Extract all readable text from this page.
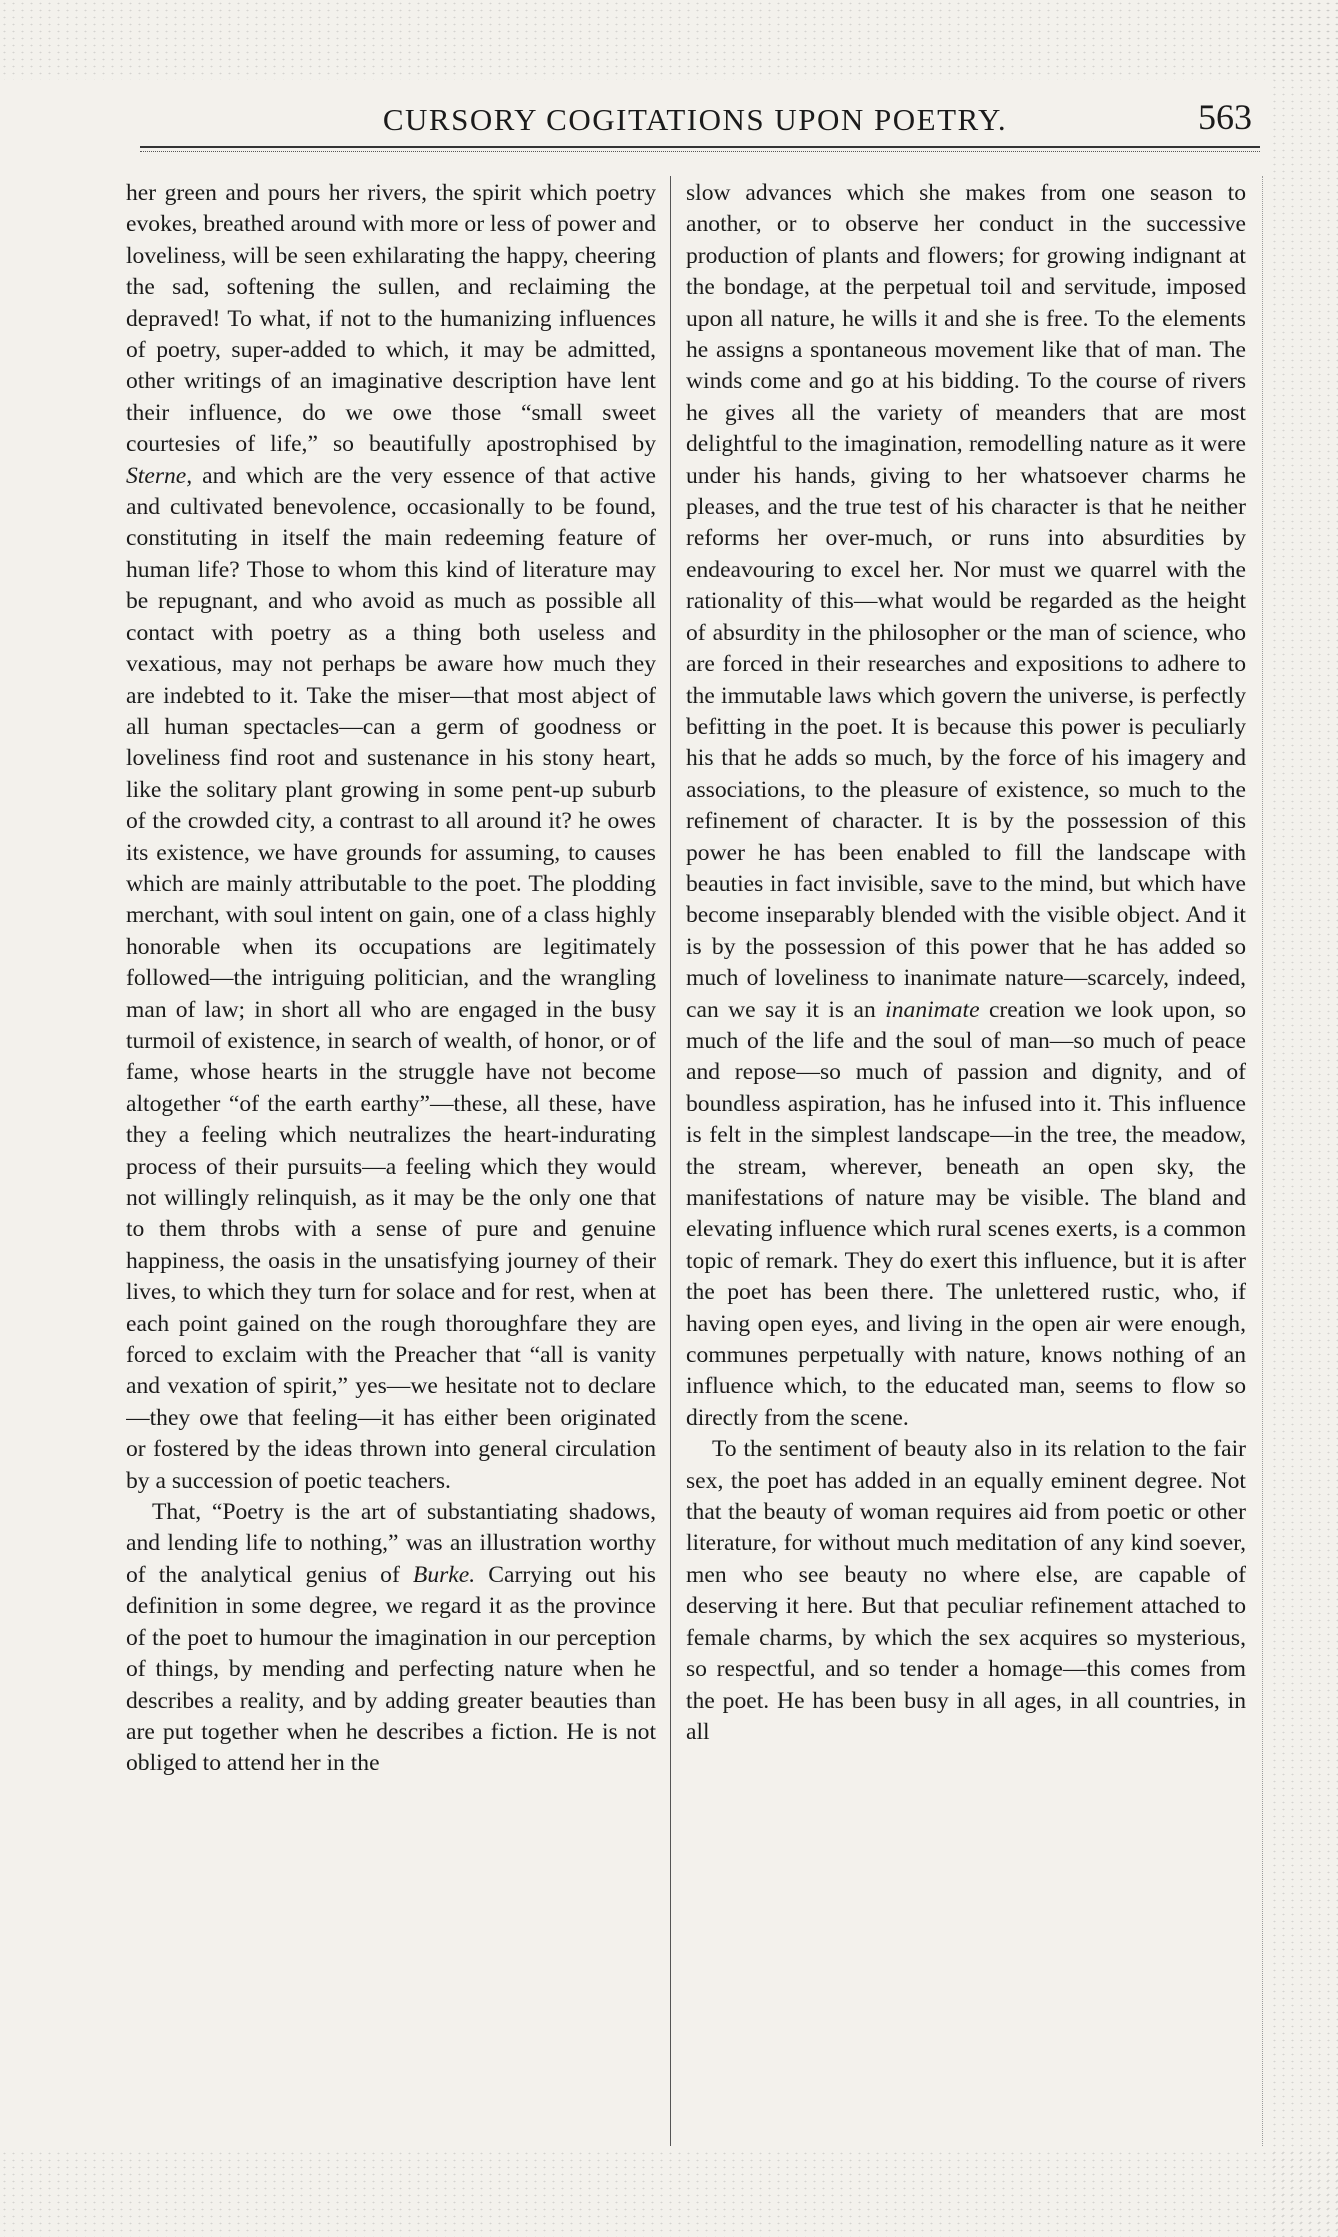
CURSORY COGITATIONS UPON POETRY.	563

her green and pours her rivers, the spirit which poetry evokes, breathed around with more or less of power and loveliness, will be seen exhilarating the happy, cheering the sad, softening the sullen, and reclaiming the depraved! To what, if not to the humanizing influences of poetry, super-added to which, it may be admitted, other writings of an imaginative description have lent their influence, do we owe those “small sweet courtesies of life,” so beautifully apostrophised by Sterne, and which are the very essence of that active and cultivated benevolence, occasionally to be found, constituting in itself the main redeeming feature of human life? Those to whom this kind of literature may be repugnant, and who avoid as much as possible all contact with poetry as a thing both useless and vexatious, may not perhaps be aware how much they are indebted to it. Take the miser—that most abject of all human spectacles—can a germ of goodness or loveliness find root and sustenance in his stony heart, like the solitary plant growing in some pent-up suburb of the crowded city, a contrast to all around it? he owes its existence, we have grounds for assuming, to causes which are mainly attributable to the poet. The plodding merchant, with soul intent on gain, one of a class highly honorable when its occupations are legitimately followed—the intriguing politician, and the wrangling man of law; in short all who are engaged in the busy turmoil of existence, in search of wealth, of honor, or of fame, whose hearts in the struggle have not become altogether “of the earth earthy”—these, all these, have they a feeling which neutralizes the heart-indurating process of their pursuits—a feeling which they would not willingly relinquish, as it may be the only one that to them throbs with a sense of pure and genuine happiness, the oasis in the unsatisfying journey of their lives, to which they turn for solace and for rest, when at each point gained on the rough thoroughfare they are forced to exclaim with the Preacher that “all is vanity and vexation of spirit,” yes—we hesitate not to declare—they owe that feeling—it has either been originated or fostered by the ideas thrown into general circulation by a succession of poetic teachers.

That, “Poetry is the art of substantiating shadows, and lending life to nothing,” was an illustration worthy of the analytical genius of Burke. Carrying out his definition in some degree, we regard it as the province of the poet to humour the imagination in our perception of things, by mending and perfecting nature when he describes a reality, and by adding greater beauties than are put together when he describes a fiction. He is not obliged to attend her in the

slow advances which she makes from one season to another, or to observe her conduct in the successive production of plants and flowers; for growing indignant at the bondage, at the perpetual toil and servitude, imposed upon all nature, he wills it and she is free. To the elements he assigns a spontaneous movement like that of man. The winds come and go at his bidding. To the course of rivers he gives all the variety of meanders that are most delightful to the imagination, remodelling nature as it were under his hands, giving to her whatsoever charms he pleases, and the true test of his character is that he neither reforms her over-much, or runs into absurdities by endeavouring to excel her. Nor must we quarrel with the rationality of this—what would be regarded as the height of absurdity in the philosopher or the man of science, who are forced in their researches and expositions to adhere to the immutable laws which govern the universe, is perfectly befitting in the poet. It is because this power is peculiarly his that he adds so much, by the force of his imagery and associations, to the pleasure of existence, so much to the refinement of character. It is by the possession of this power he has been enabled to fill the landscape with beauties in fact invisible, save to the mind, but which have become inseparably blended with the visible object. And it is by the possession of this power that he has added so much of loveliness to inanimate nature—scarcely, indeed, can we say it is an inanimate creation we look upon, so much of the life and the soul of man—so much of peace and repose—so much of passion and dignity, and of boundless aspiration, has he infused into it. This influence is felt in the simplest landscape—in the tree, the meadow, the stream, wherever, beneath an open sky, the manifestations of nature may be visible. The bland and elevating influence which rural scenes exerts, is a common topic of remark. They do exert this influence, but it is after the poet has been there. The unlettered rustic, who, if having open eyes, and living in the open air were enough, communes perpetually with nature, knows nothing of an influence which, to the educated man, seems to flow so directly from the scene.

To the sentiment of beauty also in its relation to the fair sex, the poet has added in an equally eminent degree. Not that the beauty of woman requires aid from poetic or other literature, for without much meditation of any kind soever, men who see beauty no where else, are capable of deserving it here. But that peculiar refinement attached to female charms, by which the sex acquires so mysterious, so respectful, and so tender a homage—this comes from the poet. He has been busy in all ages, in all countries, in all
